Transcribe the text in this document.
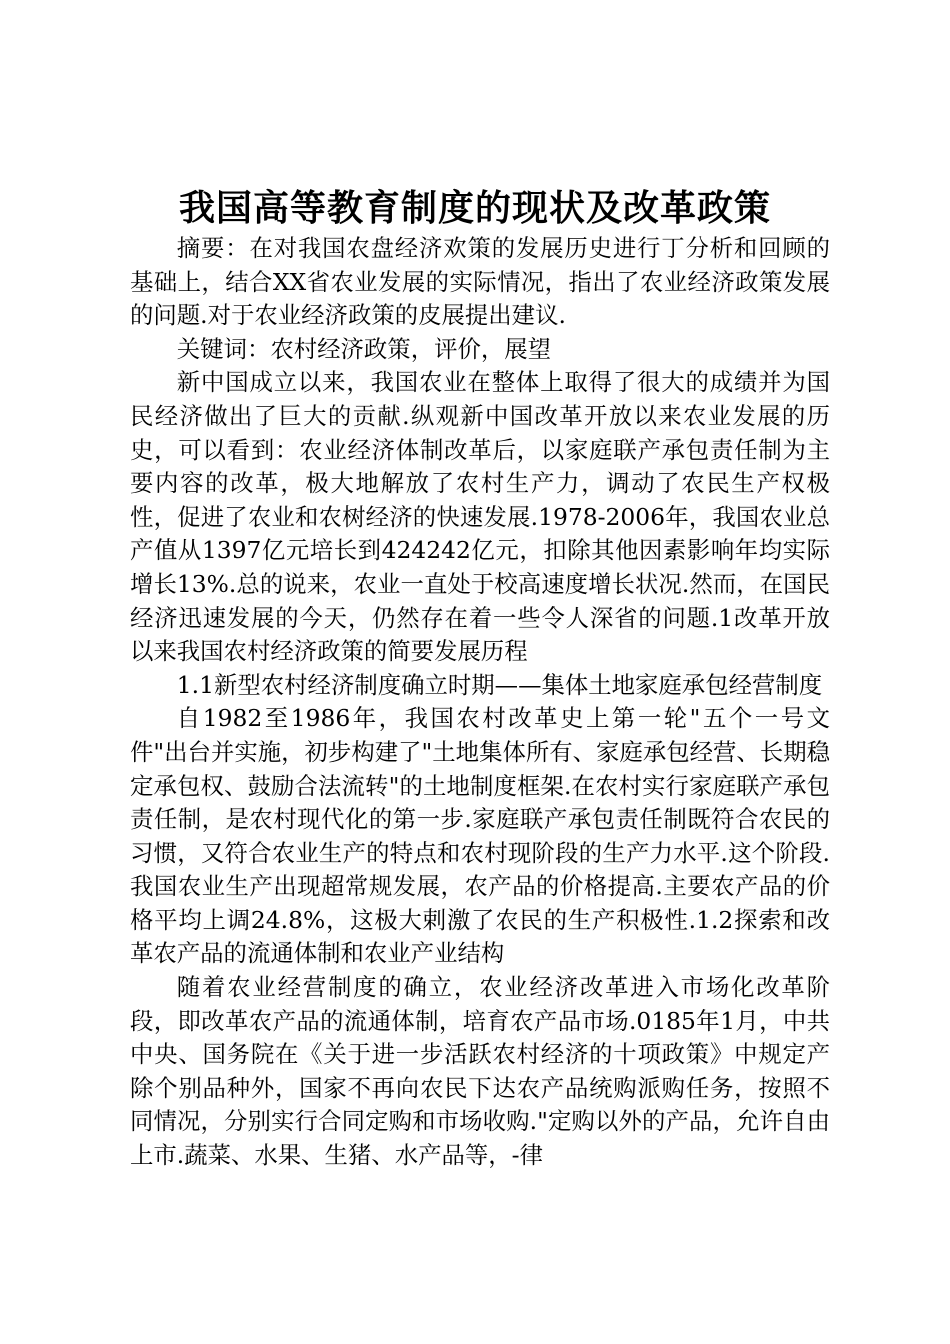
我国高等教育制度的现状及改革政策

摘要：在对我国农盘经济欢策的发展历史进行丁分析和回顾的基础上，结合XX省农业发展的实际情况，指出了农业经济政策发展的问题.对于农业经济政策的皮展提出建议.

关键词：农村经济政策，评价，展望

新中国成立以来，我国农业在整体上取得了很大的成绩并为国民经济做出了巨大的贡献.纵观新中国改革开放以来农业发展的历史，可以看到：农业经济体制改革后，以家庭联产承包责任制为主要内容的改革，极大地解放了农村生产力，调动了农民生产权极性，促进了农业和农树经济的快速发展.1978-2006年，我国农业总产值从1397亿元培长到424242亿元，扣除其他因素影响年均实际增长13%.总的说来，农业一直处于校高速度增长状况.然而，在国民经济迅速发展的今天，仍然存在着一些令人深省的问题.1改革开放以来我国农村经济政策的简要发展历程

1.1新型农村经济制度确立时期——集体土地家庭承包经营制度

自1982至1986年，我国农村改革史上第一轮"五个一号文件"出台并实施，初步构建了"土地集体所有、家庭承包经营、长期稳定承包权、鼓励合法流转"的土地制度框架.在农村实行家庭联产承包责任制，是农村现代化的第一步.家庭联产承包责任制既符合农民的习惯，又符合农业生产的特点和农村现阶段的生产力水平.这个阶段.我国农业生产出现超常规发展，农产品的价格提高.主要农产品的价格平均上调24.8%，这极大剌激了农民的生产积极性.1.2探索和改革农产品的流通体制和农业产业结构

随着农业经营制度的确立，农业经济改革进入市场化改革阶段，即改革农产品的流通体制，培育农产品市场.0185年1月，中共中央、国务院在《关于进一步活跃农村经济的十项政策》中规定产除个别品种外，国家不再向农民下达农产品统购派购任务，按照不同情况，分别实行合同定购和市场收购."定购以外的产品，允许自由上市.蔬菜、水果、生猪、水产品等，-律
